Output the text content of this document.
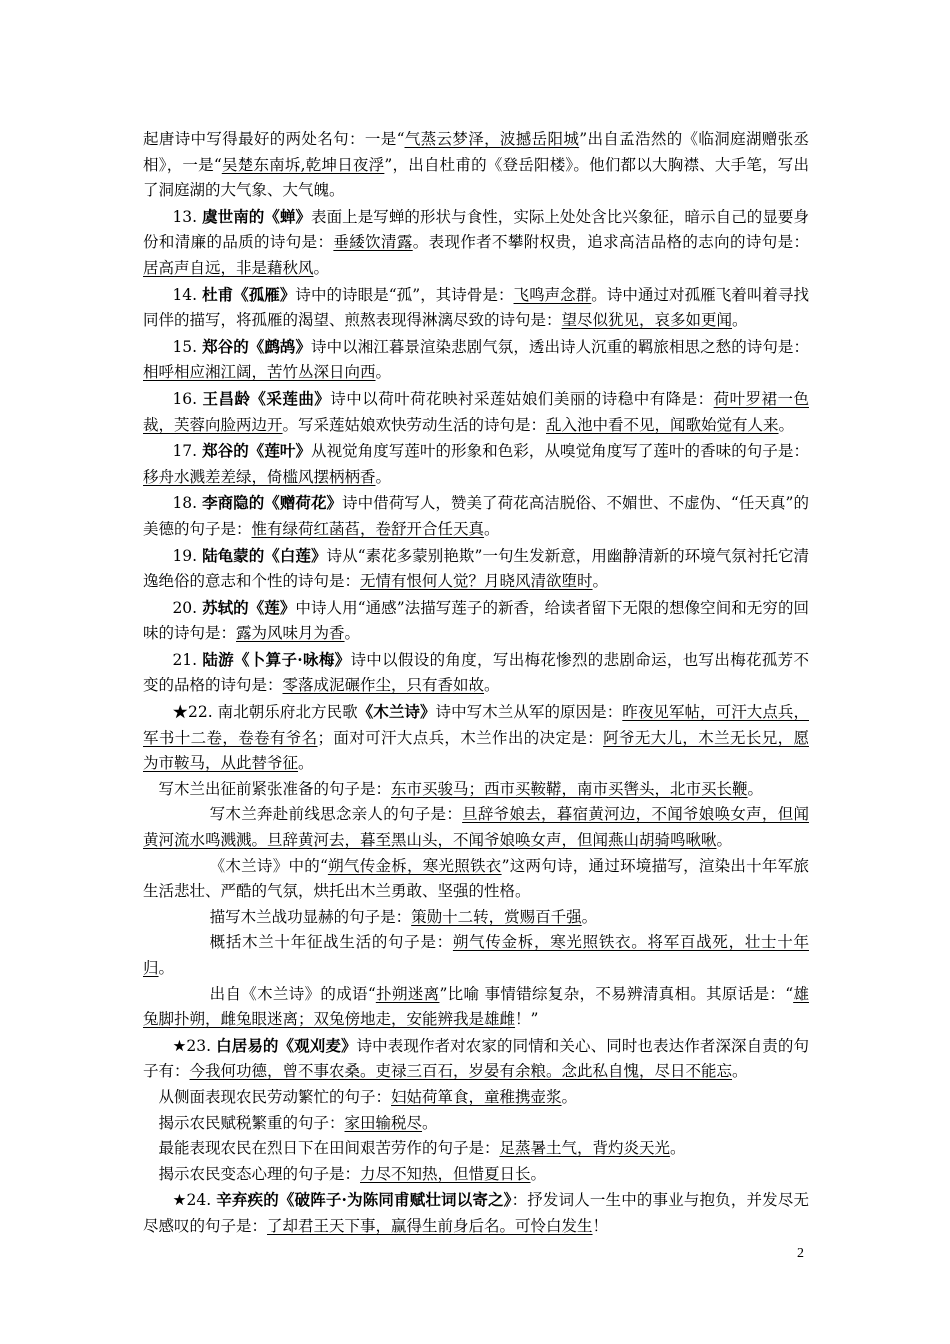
起唐诗中写得最好的两处名句：一是“气蒸云梦泽，波撼岳阳城”出自孟浩然的《临洞庭湖赠张丞相》，一是“吴楚东南坼,乾坤日夜浮”，出自杜甫的《登岳阳楼》。他们都以大胸襟、大手笔，写出了洞庭湖的大气象、大气魄。

13. 虞世南的《蝉》表面上是写蝉的形状与食性，实际上处处含比兴象征，暗示自己的显要身份和清廉的品质的诗句是：垂緌饮清露。表现作者不攀附权贵，追求高洁品格的志向的诗句是：居高声自远，非是藉秋风。

14. 杜甫《孤雁》诗中的诗眼是“孤”，其诗骨是：飞鸣声念群。诗中通过对孤雁飞着叫着寻找同伴的描写，将孤雁的渴望、煎熬表现得淋漓尽致的诗句是：望尽似犹见，哀多如更闻。

15. 郑谷的《鹧鸪》诗中以湘江暮景渲染悲剧气氛，透出诗人沉重的羁旅相思之愁的诗句是：相呼相应湘江阔，苦竹丛深日向西。

16. 王昌龄《采莲曲》诗中以荷叶荷花映衬采莲姑娘们美丽的诗稳中有降是：荷叶罗裙一色裁，芙蓉向脸两边开。写采莲姑娘欢快劳动生活的诗句是：乱入池中看不见，闻歌始觉有人来。

17. 郑谷的《莲叶》从视觉角度写莲叶的形象和色彩，从嗅觉角度写了莲叶的香味的句子是：移舟水溅差差绿，倚槛风摆柄柄香。

18. 李商隐的《赠荷花》诗中借荷写人，赞美了荷花高洁脱俗、不媚世、不虚伪、“任天真”的美德的句子是：惟有绿荷红菡萏，卷舒开合任天真。

19. 陆龟蒙的《白莲》诗从“素花多蒙别艳欺”一句生发新意，用幽静清新的环境气氛衬托它清逸绝俗的意志和个性的诗句是：无情有恨何人觉？月晓风清欲堕时。

20. 苏轼的《莲》中诗人用“通感”法描写莲子的新香，给读者留下无限的想像空间和无穷的回味的诗句是：露为风味月为香。

21. 陆游《卜算子·咏梅》诗中以假设的角度，写出梅花惨烈的悲剧命运，也写出梅花孤芳不变的品格的诗句是：零落成泥碾作尘，只有香如故。

★22. 南北朝乐府北方民歌《木兰诗》诗中写木兰从军的原因是：昨夜见军帖，可汗大点兵，军书十二卷，卷卷有爷名；面对可汗大点兵，木兰作出的决定是：阿爷无大儿，木兰无长兄，愿为市鞍马，从此替爷征。

写木兰出征前紧张准备的句子是：东市买骏马；西市买鞍鞯，南市买辔头，北市买长鞭。

写木兰奔赴前线思念亲人的句子是：旦辞爷娘去，暮宿黄河边，不闻爷娘唤女声，但闻黄河流水鸣溅溅。旦辞黄河去，暮至黑山头，不闻爷娘唤女声，但闻燕山胡骑鸣啾啾。

《木兰诗》中的“朔气传金柝，寒光照铁衣”这两句诗，通过环境描写，渲染出十年军旅生活悲壮、严酷的气氛，烘托出木兰勇敢、坚强的性格。

描写木兰战功显赫的句子是：策勋十二转，赏赐百千强。

概括木兰十年征战生活的句子是：朔气传金柝，寒光照铁衣。将军百战死，壮士十年归。

出自《木兰诗》的成语“扑朔迷离”比喻 事情错综复杂，不易辨清真相。其原话是：“雄兔脚扑朔，雌兔眼迷离；双兔傍地走，安能辨我是雄雌！”

★23. 白居易的《观刈麦》诗中表现作者对农家的同情和关心、同时也表达作者深深自责的句子有：今我何功德，曾不事农桑。吏禄三百石，岁晏有余粮。念此私自愧，尽日不能忘。

从侧面表现农民劳动繁忙的句子：妇姑荷箪食，童稚携壶浆。

揭示农民赋税繁重的句子：家田输税尽。

最能表现农民在烈日下在田间艰苦劳作的句子是：足蒸暑土气，背灼炎天光。

揭示农民变态心理的句子是：力尽不知热，但惜夏日长。

★24. 辛弃疾的《破阵子·为陈同甫赋壮词以寄之》：抒发词人一生中的事业与抱负，并发尽无尽感叹的句子是：了却君王天下事，赢得生前身后名。可怜白发生！

2
